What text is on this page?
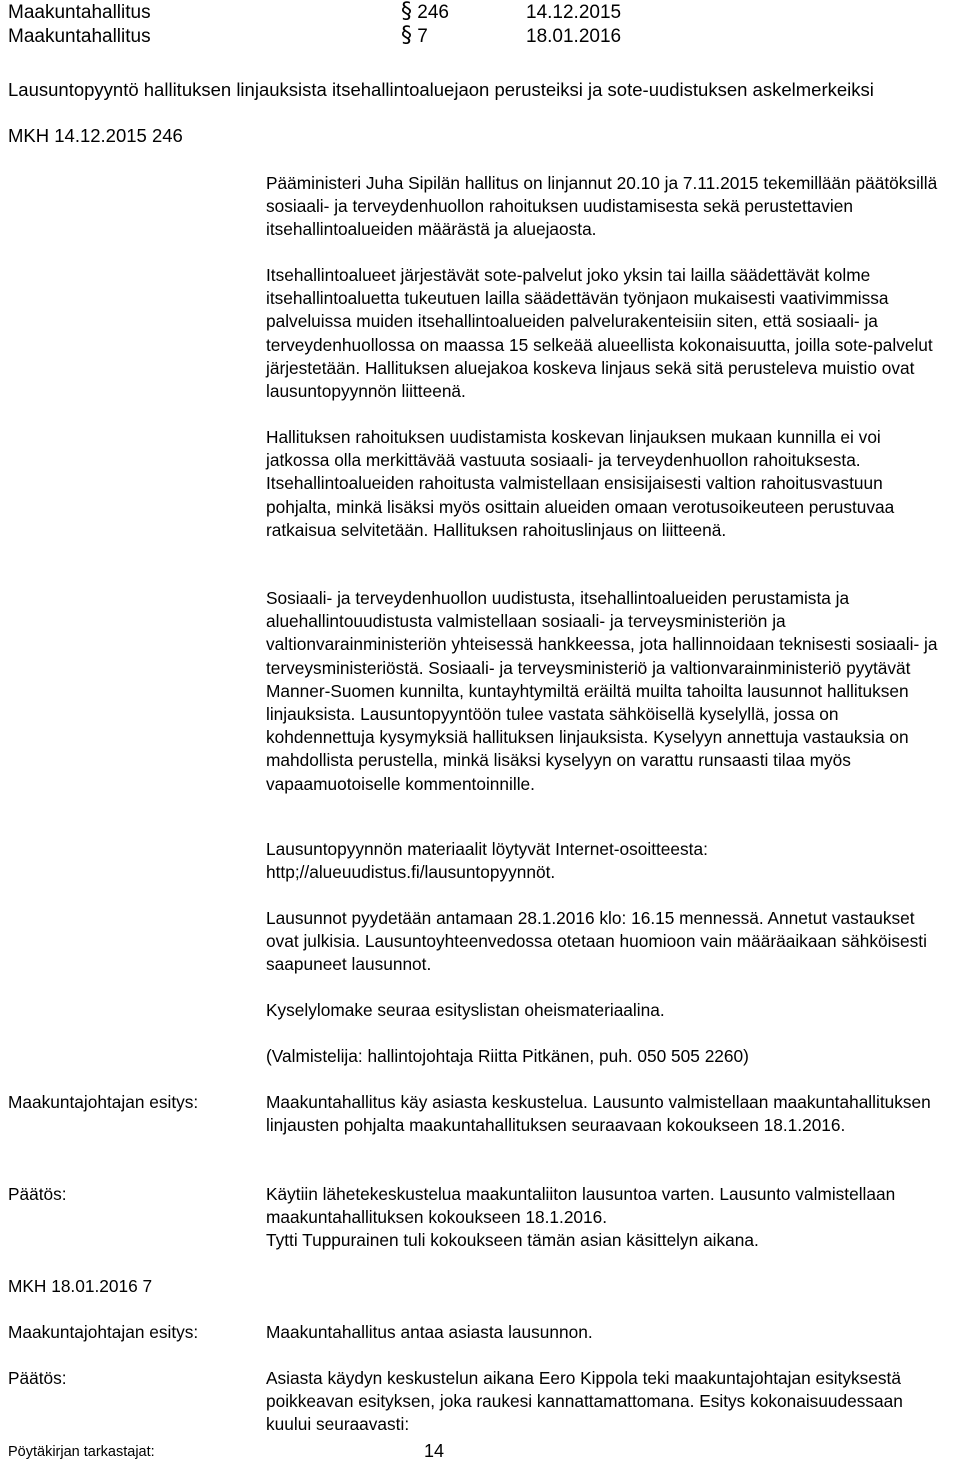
Maakuntahallitus	§ 246	14.12.2015
Maakuntahallitus	§ 7	18.01.2016
Lausuntopyyntö hallituksen linjauksista itsehallintoaluejaon perusteiksi ja sote-uudistuksen askelmerkeiksi
MKH 14.12.2015 246

Pääministeri Juha Sipilän hallitus on linjannut 20.10 ja 7.11.2015 tekemillään päätöksillä sosiaali- ja terveydenhuollon rahoituksen uudistamisesta sekä perustettavien itsehallintoalueiden määrästä ja aluejaosta.

Itsehallintoalueet järjestävät sote-palvelut joko yksin tai lailla säädettävät kolme itsehallintoaluetta tukeutuen lailla säädettävän työnjaon mukaisesti vaativimmissa palveluissa muiden itsehallintoalueiden palvelurakenteisiin siten, että sosiaali- ja terveydenhuollossa on maassa 15 selkeää alueellista kokonaisuutta, joilla sote-palvelut järjestetään. Hallituksen aluejakoa koskeva linjaus sekä sitä perusteleva muistio ovat lausuntopyynnön liitteenä.

Hallituksen rahoituksen uudistamista koskevan linjauksen mukaan kunnilla ei voi jatkossa olla merkittävää vastuuta sosiaali- ja terveydenhuollon rahoituksesta. Itsehallintoalueiden rahoitusta valmistellaan ensisijaisesti valtion rahoitusvastuun pohjalta, minkä lisäksi myös osittain alueiden omaan verotusoikeuteen perustuvaa ratkaisua selvitetään. Hallituksen rahoituslinjaus on liitteenä.

Sosiaali- ja terveydenhuollon uudistusta, itsehallintoalueiden perustamista ja aluehallintouudistusta valmistellaan sosiaali- ja terveysministeriön ja valtionvarainministeriön yhteisessä hankkeessa, jota hallinnoidaan teknisesti sosiaali- ja terveysministeriöstä. Sosiaali- ja terveysministeriö ja valtionvarainministeriö pyytävät Manner-Suomen kunnilta, kuntayhtymiltä eräiltä muilta tahoilta lausunnot hallituksen linjauksista. Lausuntopyyntöön tulee vastata sähköisellä kyselyllä, jossa on kohdennettuja kysymyksiä hallituksen linjauksista. Kyselyyn annettuja vastauksia on mahdollista perustella, minkä lisäksi kyselyyn on varattu runsaasti tilaa myös vapaamuotoiselle kommentoinnille.

Lausuntopyynnön materiaalit löytyvät Internet-osoitteesta: http;//alueuudistus.fi/lausuntopyynnöt.

Lausunnot pyydetään antamaan 28.1.2016 klo: 16.15 mennessä. Annetut vastaukset ovat julkisia. Lausuntoyhteenvedossa otetaan huomioon vain määräaikaan sähköisesti saapuneet lausunnot.

Kyselylomake seuraa esityslistan oheismateriaalina.

(Valmistelija: hallintojohtaja Riitta Pitkänen, puh. 050 505 2260)

Maakuntajohtajan esitys:	Maakuntahallitus käy asiasta keskustelua. Lausunto valmistellaan maakuntahallituksen linjausten pohjalta maakuntahallituksen seuraavaan kokoukseen 18.1.2016.

Päätös:	Käytiin lähetekeskustelua maakuntaliiton lausuntoa varten. Lausunto valmistellaan maakuntahallituksen kokoukseen 18.1.2016.

Tytti Tuppurainen tuli kokoukseen tämän asian käsittelyn aikana.

MKH 18.01.2016 7
Maakuntajohtajan esitys:	Maakuntahallitus antaa asiasta lausunnon.

Päätös:	Asiasta käydyn keskustelun aikana Eero Kippola teki maakuntajohtajan esityksestä poikkeavan esityksen, joka raukesi kannattamattomana. Esitys kokonaisuudessaan kuului seuraavasti:

Pöytäkirjan tarkastajat:	14
